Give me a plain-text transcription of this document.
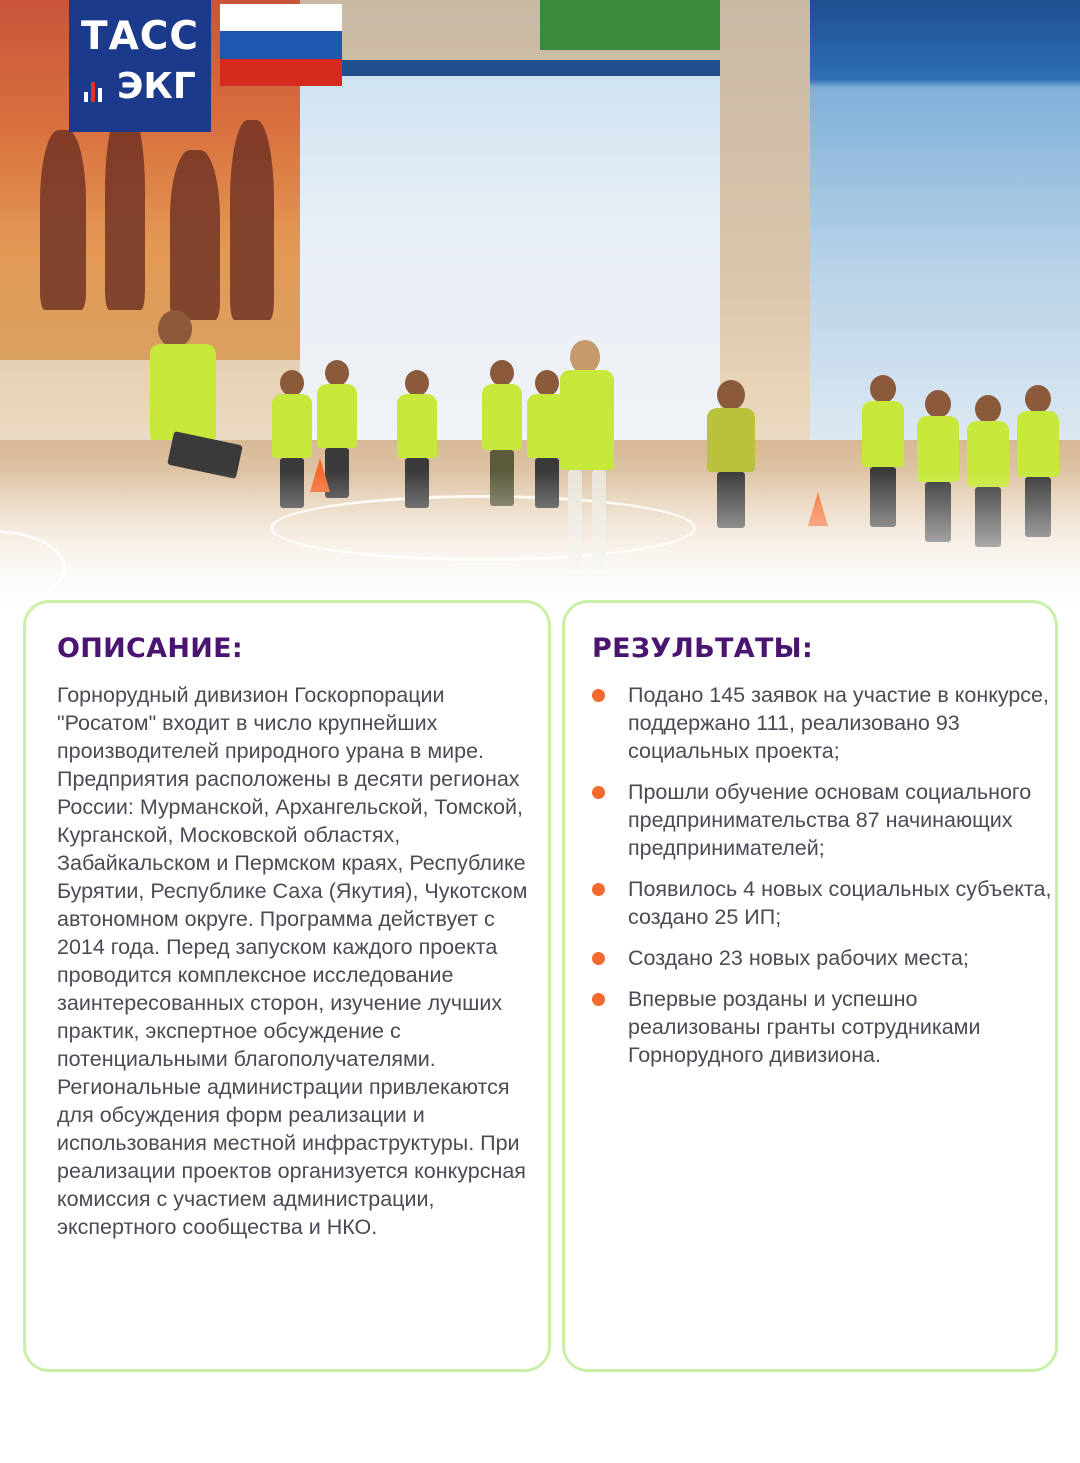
ТАСС
ЭКГ
ОПИСАНИЕ:

Горнорудный дивизион Госкорпорации "Росатом" входит в число крупнейших производителей природного урана в мире. Предприятия расположены в десяти регионах России: Мурманской, Архангельской, Томской, Курганской, Московской областях, Забайкальском и Пермском краях, Республике Бурятии, Республике Саха (Якутия), Чукотском автономном округе. Программа действует с 2014 года. Перед запуском каждого проекта проводится комплексное исследование заинтересованных сторон, изучение лучших практик, экспертное обсуждение с потенциальными благополучателями. Региональные администрации привлекаются для обсуждения форм реализации и использования местной инфраструктуры. При реализации проектов организуется конкурсная комиссия с участием администрации, экспертного сообщества и НКО.

РЕЗУЛЬТАТЫ:
Подано 145 заявок на участие в конкурсе, поддержано 111, реализовано 93 социальных проекта;
Прошли обучение основам социального предпринимательства 87 начинающих предпринимателей;
Появилось 4 новых социальных субъекта, создано 25 ИП;
Создано 23 новых рабочих места;
Впервые розданы и успешно реализованы гранты сотрудниками Горнорудного дивизиона.
